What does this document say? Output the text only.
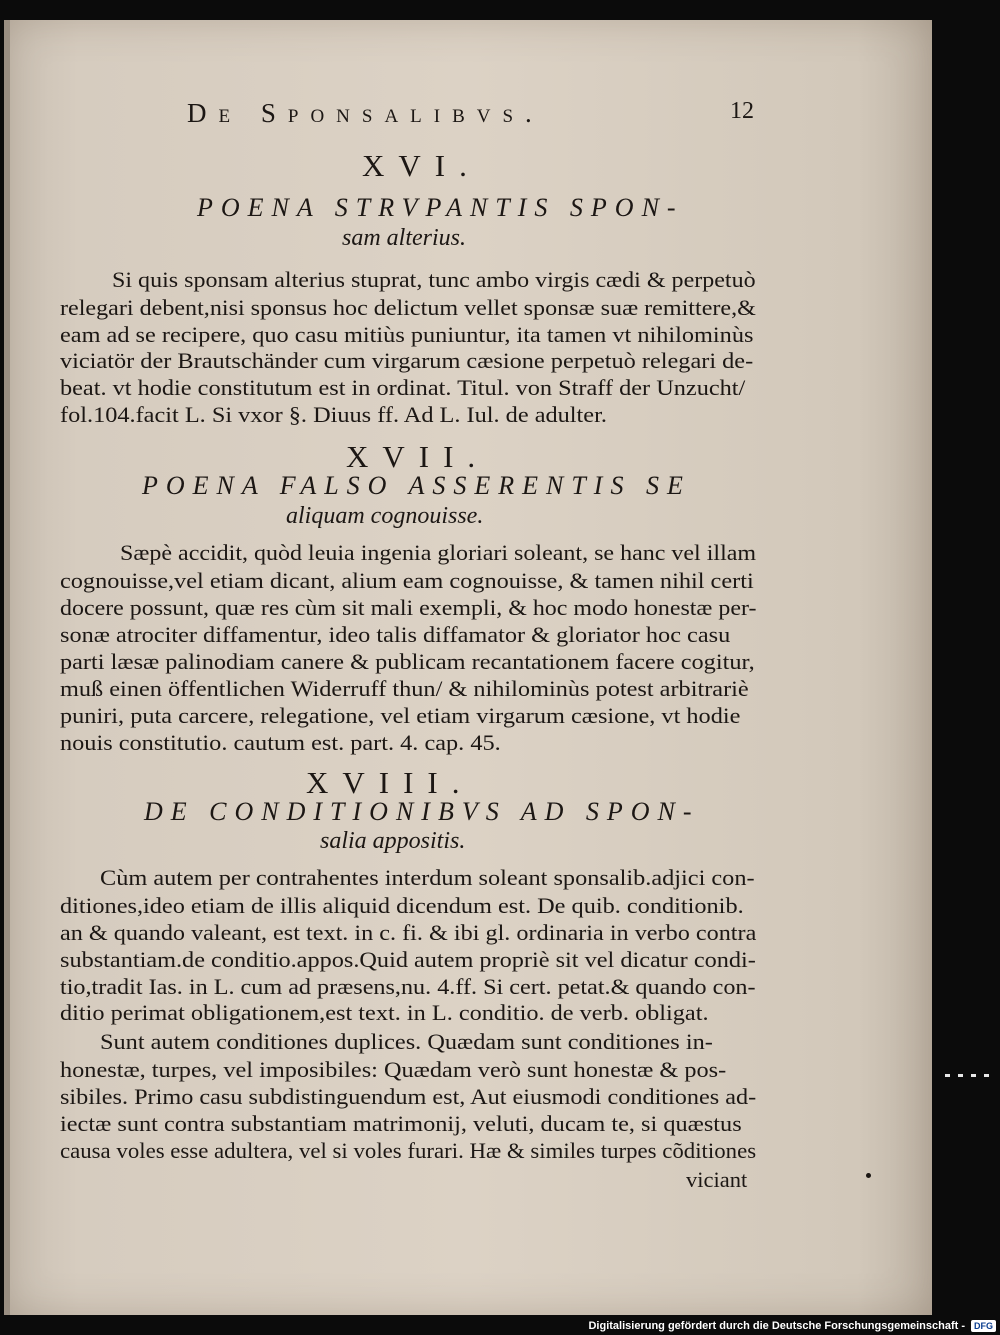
De Sponsalibvs.	12
XVI.
POENA STRVPANTIS SPON-
sam alterius.
Si quis sponsam alterius stuprat, tunc ambo virgis cædi & perpetuò
relegari debent,nisi sponsus hoc delictum vellet sponsæ suæ remittere,&
eam ad se recipere, quo casu mitiùs puniuntur, ita tamen vt nihilominùs
viciatör der Brautschänder cum virgarum cæsione perpetuò relegari de-
beat. vt hodie constitutum est in ordinat. Titul. von Straff der Unzucht/
fol.104.facit L. Si vxor §. Diuus ff. Ad L. Iul. de adulter.
XVII.
POENA FALSO ASSERENTIS SE
aliquam cognouisse.
Sæpè accidit, quòd leuia ingenia gloriari soleant, se hanc vel illam
cognouisse,vel etiam dicant, alium eam cognouisse, & tamen nihil certi
docere possunt, quæ res cùm sit mali exempli, & hoc modo honestæ per-
sonæ atrociter diffamentur, ideo talis diffamator & gloriator hoc casu
parti læsæ palinodiam canere & publicam recantationem facere cogitur,
muß einen öffentlichen Widerruff thun/ & nihilominùs potest arbitrariè
puniri, puta carcere, relegatione, vel etiam virgarum cæsione, vt hodie
nouis constitutio. cautum est. part. 4. cap. 45.
XVIII.
DE CONDITIONIBVS AD SPON-
salia appositis.
Cùm autem per contrahentes interdum soleant sponsalib.adjici con-
ditiones,ideo etiam de illis aliquid dicendum est. De quib. conditionib.
an & quando valeant, est text. in c. fi. & ibi gl. ordinaria in verbo contra
substantiam.de conditio.appos.Quid autem propriè sit vel dicatur condi-
tio,tradit Ias. in L. cum ad præsens,nu. 4.ff. Si cert. petat.& quando con-
ditio perimat obligationem,est text. in L. conditio. de verb. obligat.
Sunt autem conditiones duplices. Quædam sunt conditiones in-
honestæ, turpes, vel imposibiles: Quædam verò sunt honestæ & pos-
sibiles. Primo casu subdistinguendum est, Aut eiusmodi conditiones ad-
iectæ sunt contra substantiam matrimonij, veluti, ducam te, si quæstus
causa voles esse adultera, vel si voles furari. Hæ & similes turpes cõditiones
viciant
Digitalisierung gefördert durch die Deutsche Forschungsgemeinschaft -	DFG
